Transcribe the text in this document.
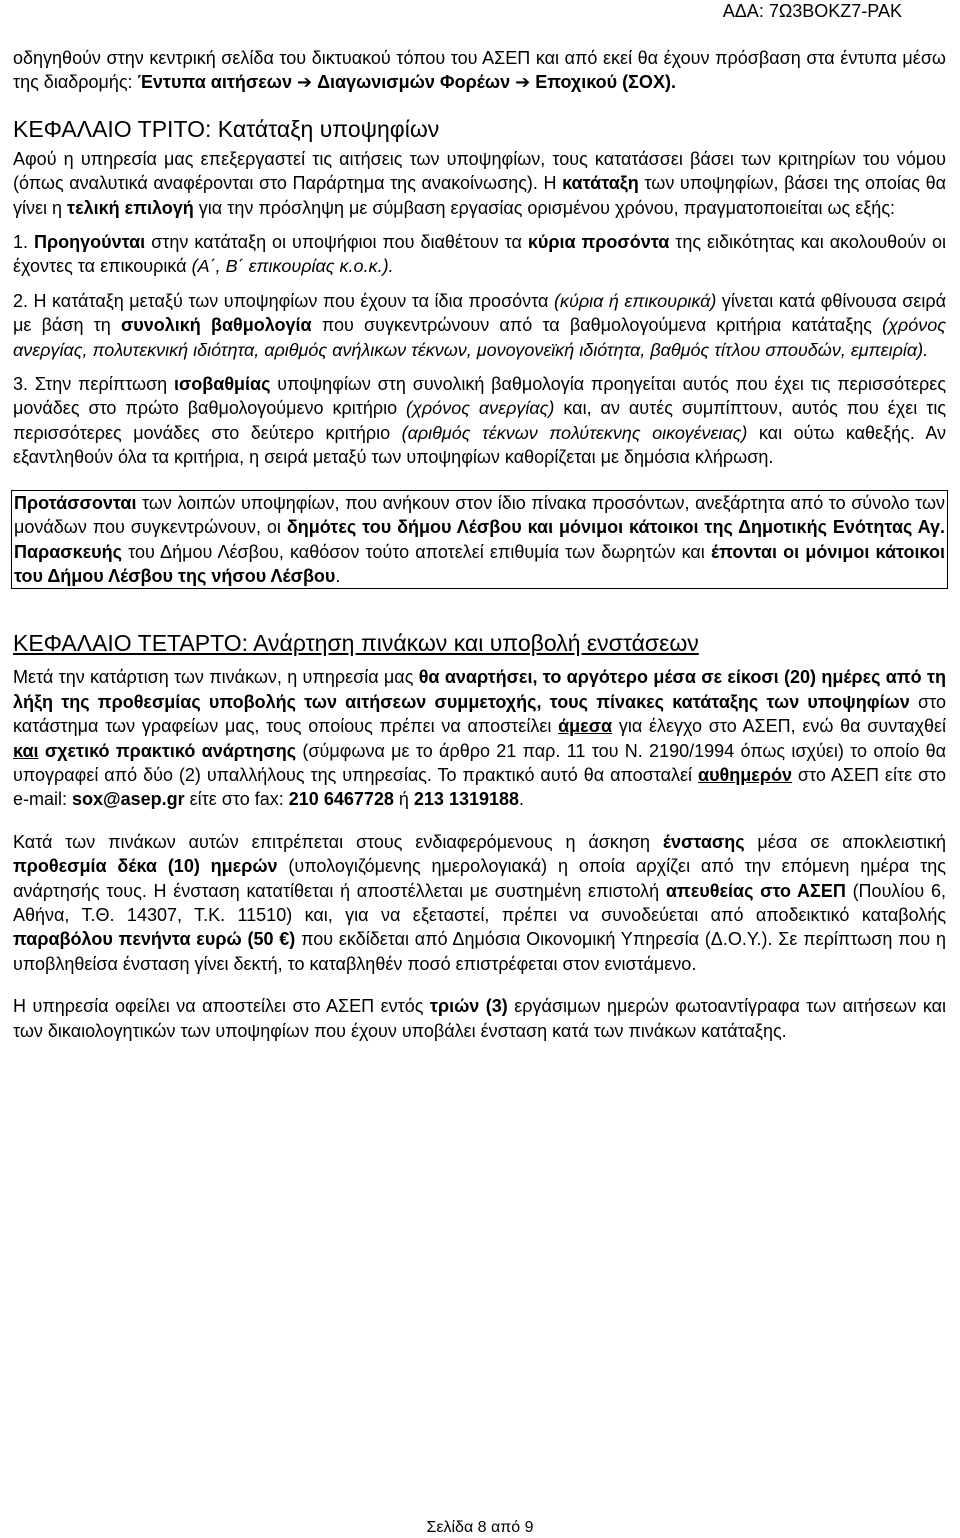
ΑΔΑ: 7Ω3ΒΟΚΖ7-ΡΑΚ

οδηγηθούν στην κεντρική σελίδα του δικτυακού τόπου του ΑΣΕΠ και από εκεί θα έχουν πρόσβαση στα έντυπα μέσω της διαδρομής: Έντυπα αιτήσεων ➔ Διαγωνισμών Φορέων ➔ Εποχικού (ΣΟΧ).

ΚΕΦΑΛΑΙΟ ΤΡΙΤΟ: Κατάταξη υποψηφίων

Αφού η υπηρεσία μας επεξεργαστεί τις αιτήσεις των υποψηφίων, τους κατατάσσει βάσει των κριτηρίων του νόμου (όπως αναλυτικά αναφέρονται στο Παράρτημα της ανακοίνωσης). Η κατάταξη των υποψηφίων, βάσει της οποίας θα γίνει η τελική επιλογή για την πρόσληψη με σύμβαση εργασίας ορισμένου χρόνου, πραγματοποιείται ως εξής:

1. Προηγούνται στην κατάταξη οι υποψήφιοι που διαθέτουν τα κύρια προσόντα της ειδικότητας και ακολουθούν οι έχοντες τα επικουρικά (Α΄, Β΄ επικουρίας κ.ο.κ.).

2. Η κατάταξη μεταξύ των υποψηφίων που έχουν τα ίδια προσόντα (κύρια ή επικουρικά) γίνεται κατά φθίνουσα σειρά με βάση τη συνολική βαθμολογία που συγκεντρώνουν από τα βαθμολογούμενα κριτήρια κατάταξης (χρόνος ανεργίας, πολυτεκνική ιδιότητα, αριθμός ανήλικων τέκνων, μονογονεϊκή ιδιότητα, βαθμός τίτλου σπουδών, εμπειρία).

3. Στην περίπτωση ισοβαθμίας υποψηφίων στη συνολική βαθμολογία προηγείται αυτός που έχει τις περισσότερες μονάδες στο πρώτο βαθμολογούμενο κριτήριο (χρόνος ανεργίας) και, αν αυτές συμπίπτουν, αυτός που έχει τις περισσότερες μονάδες στο δεύτερο κριτήριο (αριθμός τέκνων πολύτεκνης οικογένειας) και ούτω καθεξής. Αν εξαντληθούν όλα τα κριτήρια, η σειρά μεταξύ των υποψηφίων καθορίζεται με δημόσια κλήρωση.

Προτάσσονται των λοιπών υποψηφίων, που ανήκουν στον ίδιο πίνακα προσόντων, ανεξάρτητα από το σύνολο των μονάδων που συγκεντρώνουν, οι δημότες του δήμου Λέσβου και μόνιμοι κάτοικοι της Δημοτικής Ενότητας Αγ. Παρασκευής του Δήμου Λέσβου, καθόσον τούτο αποτελεί επιθυμία των δωρητών και έπονται οι μόνιμοι κάτοικοι του Δήμου Λέσβου της νήσου Λέσβου.

ΚΕΦΑΛΑΙΟ ΤΕΤΑΡΤΟ: Ανάρτηση πινάκων και υποβολή ενστάσεων

Μετά την κατάρτιση των πινάκων, η υπηρεσία μας θα αναρτήσει, το αργότερο μέσα σε είκοσι (20) ημέρες από τη λήξη της προθεσμίας υποβολής των αιτήσεων συμμετοχής, τους πίνακες κατάταξης των υποψηφίων στο κατάστημα των γραφείων μας, τους οποίους πρέπει να αποστείλει άμεσα για έλεγχο στο ΑΣΕΠ, ενώ θα συνταχθεί και σχετικό πρακτικό ανάρτησης (σύμφωνα με το άρθρο 21 παρ. 11 του Ν. 2190/1994 όπως ισχύει) το οποίο θα υπογραφεί από δύο (2) υπαλλήλους της υπηρεσίας. Το πρακτικό αυτό θα αποσταλεί αυθημερόν στο ΑΣΕΠ είτε στο e-mail: sox@asep.gr είτε στο fax: 210 6467728 ή 213 1319188.

Κατά των πινάκων αυτών επιτρέπεται στους ενδιαφερόμενους η άσκηση ένστασης μέσα σε αποκλειστική προθεσμία δέκα (10) ημερών (υπολογιζόμενης ημερολογιακά) η οποία αρχίζει από την επόμενη ημέρα της ανάρτησής τους. Η ένσταση κατατίθεται ή αποστέλλεται με συστημένη επιστολή απευθείας στο ΑΣΕΠ (Πουλίου 6, Αθήνα, Τ.Θ. 14307, Τ.Κ. 11510) και, για να εξεταστεί, πρέπει να συνοδεύεται από αποδεικτικό καταβολής παραβόλου πενήντα ευρώ (50 €) που εκδίδεται από Δημόσια Οικονομική Υπηρεσία (Δ.Ο.Υ.). Σε περίπτωση που η υποβληθείσα ένσταση γίνει δεκτή, το καταβληθέν ποσό επιστρέφεται στον ενιστάμενο.

Η υπηρεσία οφείλει να αποστείλει στο ΑΣΕΠ εντός τριών (3) εργάσιμων ημερών φωτοαντίγραφα των αιτήσεων και των δικαιολογητικών των υποψηφίων που έχουν υποβάλει ένσταση κατά των πινάκων κατάταξης.

Σελίδα 8 από 9
